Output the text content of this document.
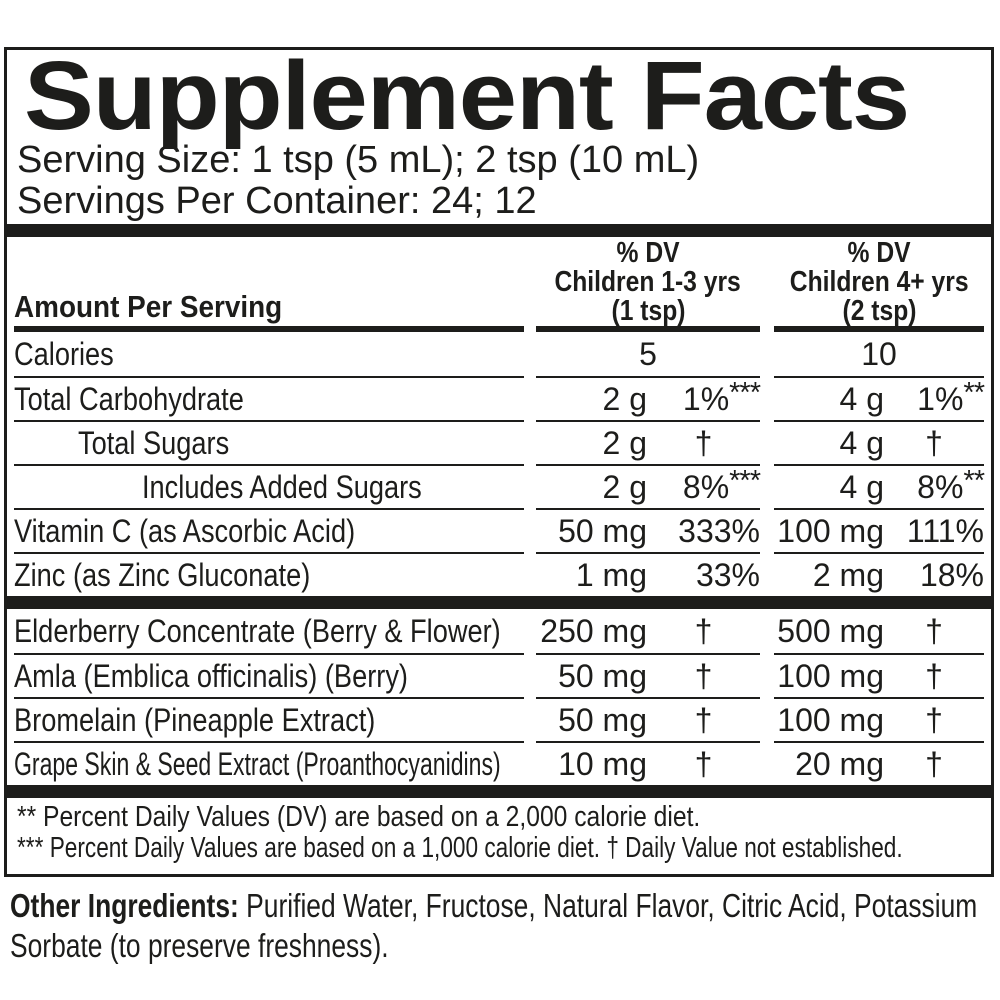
Supplement Facts
Serving Size: 1 tsp (5 mL); 2 tsp (10 mL)
Servings Per Container: 24; 12
Amount Per Serving
% DV
Children 1-3 yrs
(1 tsp)
% DV
Children 4+ yrs
(2 tsp)
Calories	5	10
Total Carbohydrate	2 g	1%***	4 g	1%**
Total Sugars	2 g	†	4 g	†
Includes Added Sugars	2 g	8%***	4 g	8%**
Vitamin C (as Ascorbic Acid)	50 mg 333% 100 mg 111%
Zinc (as Zinc Gluconate)	1 mg	33%	2 mg	18%
Elderberry Concentrate (Berry & Flower) 250 mg	†	500 mg	†
Amla (Emblica officinalis) (Berry)	50 mg	†	100 mg	†
Bromelain (Pineapple Extract)	50 mg	†	100 mg	†
Grape Skin & Seed Extract (Proanthocyanidins)	10 mg	†	20 mg	†
** Percent Daily Values (DV) are based on a 2,000 calorie diet.
*** Percent Daily Values are based on a 1,000 calorie diet. † Daily Value not established.
Other Ingredients: Purified Water, Fructose, Natural Flavor, Citric Acid, Potassium Sorbate (to preserve freshness).
